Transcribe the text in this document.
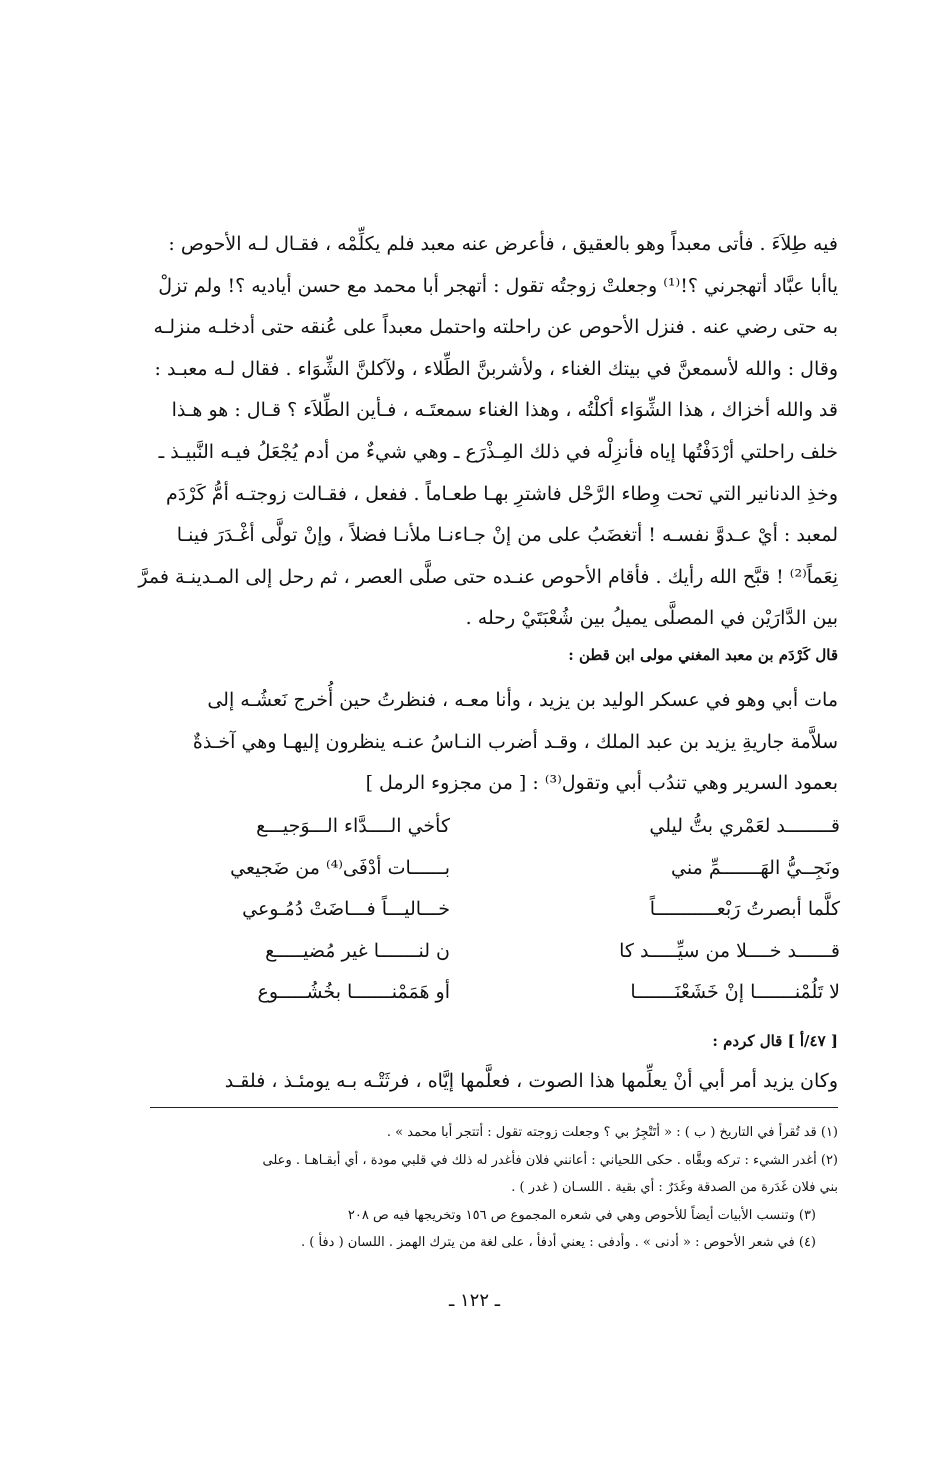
فيه طِلاَءَ . فأتى معبداً وهو بالعقيق ، فأعرض عنه معبد فلم يكلِّمْه ، فقـال لـه الأحوص :
ياأبا عبَّاد أتهجرني ؟!⁽¹⁾ وجعلتْ زوجتُه تقول : أتهجر أبا محمد مع حسن أياديه ؟! ولم تزلْ
به حتى رضي عنه . فنزل الأحوص عن راحلته واحتمل معبداً على عُنقه حتى أدخلـه منزلـه
وقال : والله لأسمعنَّ في بيتك الغناء ، ولأشربنَّ الطِّلاء ، ولآكلنَّ الشِّوَاء . فقال لـه معبـد :
قد والله أخزاك ، هذا الشِّوَاء أكلْتُه ، وهذا الغناء سمعتَـه ، فـأين الطِّلاَء ؟ قـال : هو هـذا
خلف راحلتي أرْدَفْتُها إياه فأنزِلْه في ذلك المِـذْرَع ـ وهي شيءٌ من أدم يُجْعَلُ فيـه النَّبيـذ ـ
وخذِ الدنانير التي تحت وِطاء الرَّحْل فاشترِ بهـا طعـاماً . ففعل ، فقـالت زوجتـه أمُّ كَرْدَم
لمعبد : أيْ عـدوَّ نفسـه ! أتغضَبُ على من إنْ جـاءنـا ملأنـا فضلاً ، وإنْ تولَّى أغْـدَرَ فينـا
نِعَماً⁽²⁾ ! قبَّح الله رأيك . فأقام الأحوص عنـده حتى صلَّى العصر ، ثم رحل إلى المـدينـة فمرَّ
بين الدَّارَيْن في المصلَّى يميلُ بين شُعْبَتَيْ رحله .
قال كَرْدَم بن معبد المغني مولى ابن قطن :
مات أبي وهو في عسكر الوليد بن يزيد ، وأنا معـه ، فنظرتُ حين أُخرج نَعشُـه إلى
سلاَّمة جاريةِ يزيد بن عبد الملك ، وقـد أضرب النـاسُ عنـه ينظرون إليهـا وهي آخـذةٌ
بعمود السرير وهي تندُب أبي وتقول⁽³⁾ : [ من مجزوء الرمل ]
قــــــــد لعَمْري بتُّ ليلي
كأخي الــــدَّاء الـــوَجيـــع
ونَجِــيُّ الهَـــــــمِّ مني
بــــــات أدْفَى⁽⁴⁾ من ضَجيعي
كلَّما أبصرتُ رَبْعـــــــــــاً
خـــاليـــاً فـــاضَتْ دُمُـوعي
قــــــد خــــلا من سيِّـــــد كا
ن لنـــــــا غير مُضيـــــع
لا تَلُمْنـــــــا إنْ خَشَعْنَـــــــا
أو هَمَمْنـــــــا بخُشُـــــوع
[ ٤٧/أ ] قال كردم :
وكان يزيد أمر أبي أنْ يعلِّمها هذا الصوت ، فعلَّمها إيَّاه ، فرثَتْـه بـه يومئـذ ، فلقـد
(١) قد تُقرأ في التاريخ ( ب ) : « أتَتْجِرُ بي ؟ وجعلت زوجته تقول : أتتجر أبا محمد » .
(٢) أغدر الشيء : تركه وبقَّاه . حكى اللحياني : أعانني فلان فأغدر له ذلك في قلبي مودة ، أي أبقـاهـا . وعلى
بني فلان غَدَرة من الصدقة وغَدَرٌ : أي بقية . اللسـان ( غدر ) .
(٣) وتنسب الأبيات أيضاً للأحوص وهي في شعره المجموع ص ١٥٦ وتخريجها فيه ص ٢٠٨
(٤) في شعر الأحوص : « أدنى » . وأدفى : يعني أدفأ ، على لغة من يترك الهمز . اللسان ( دفأ ) .
ـ ١٢٢ ـ
